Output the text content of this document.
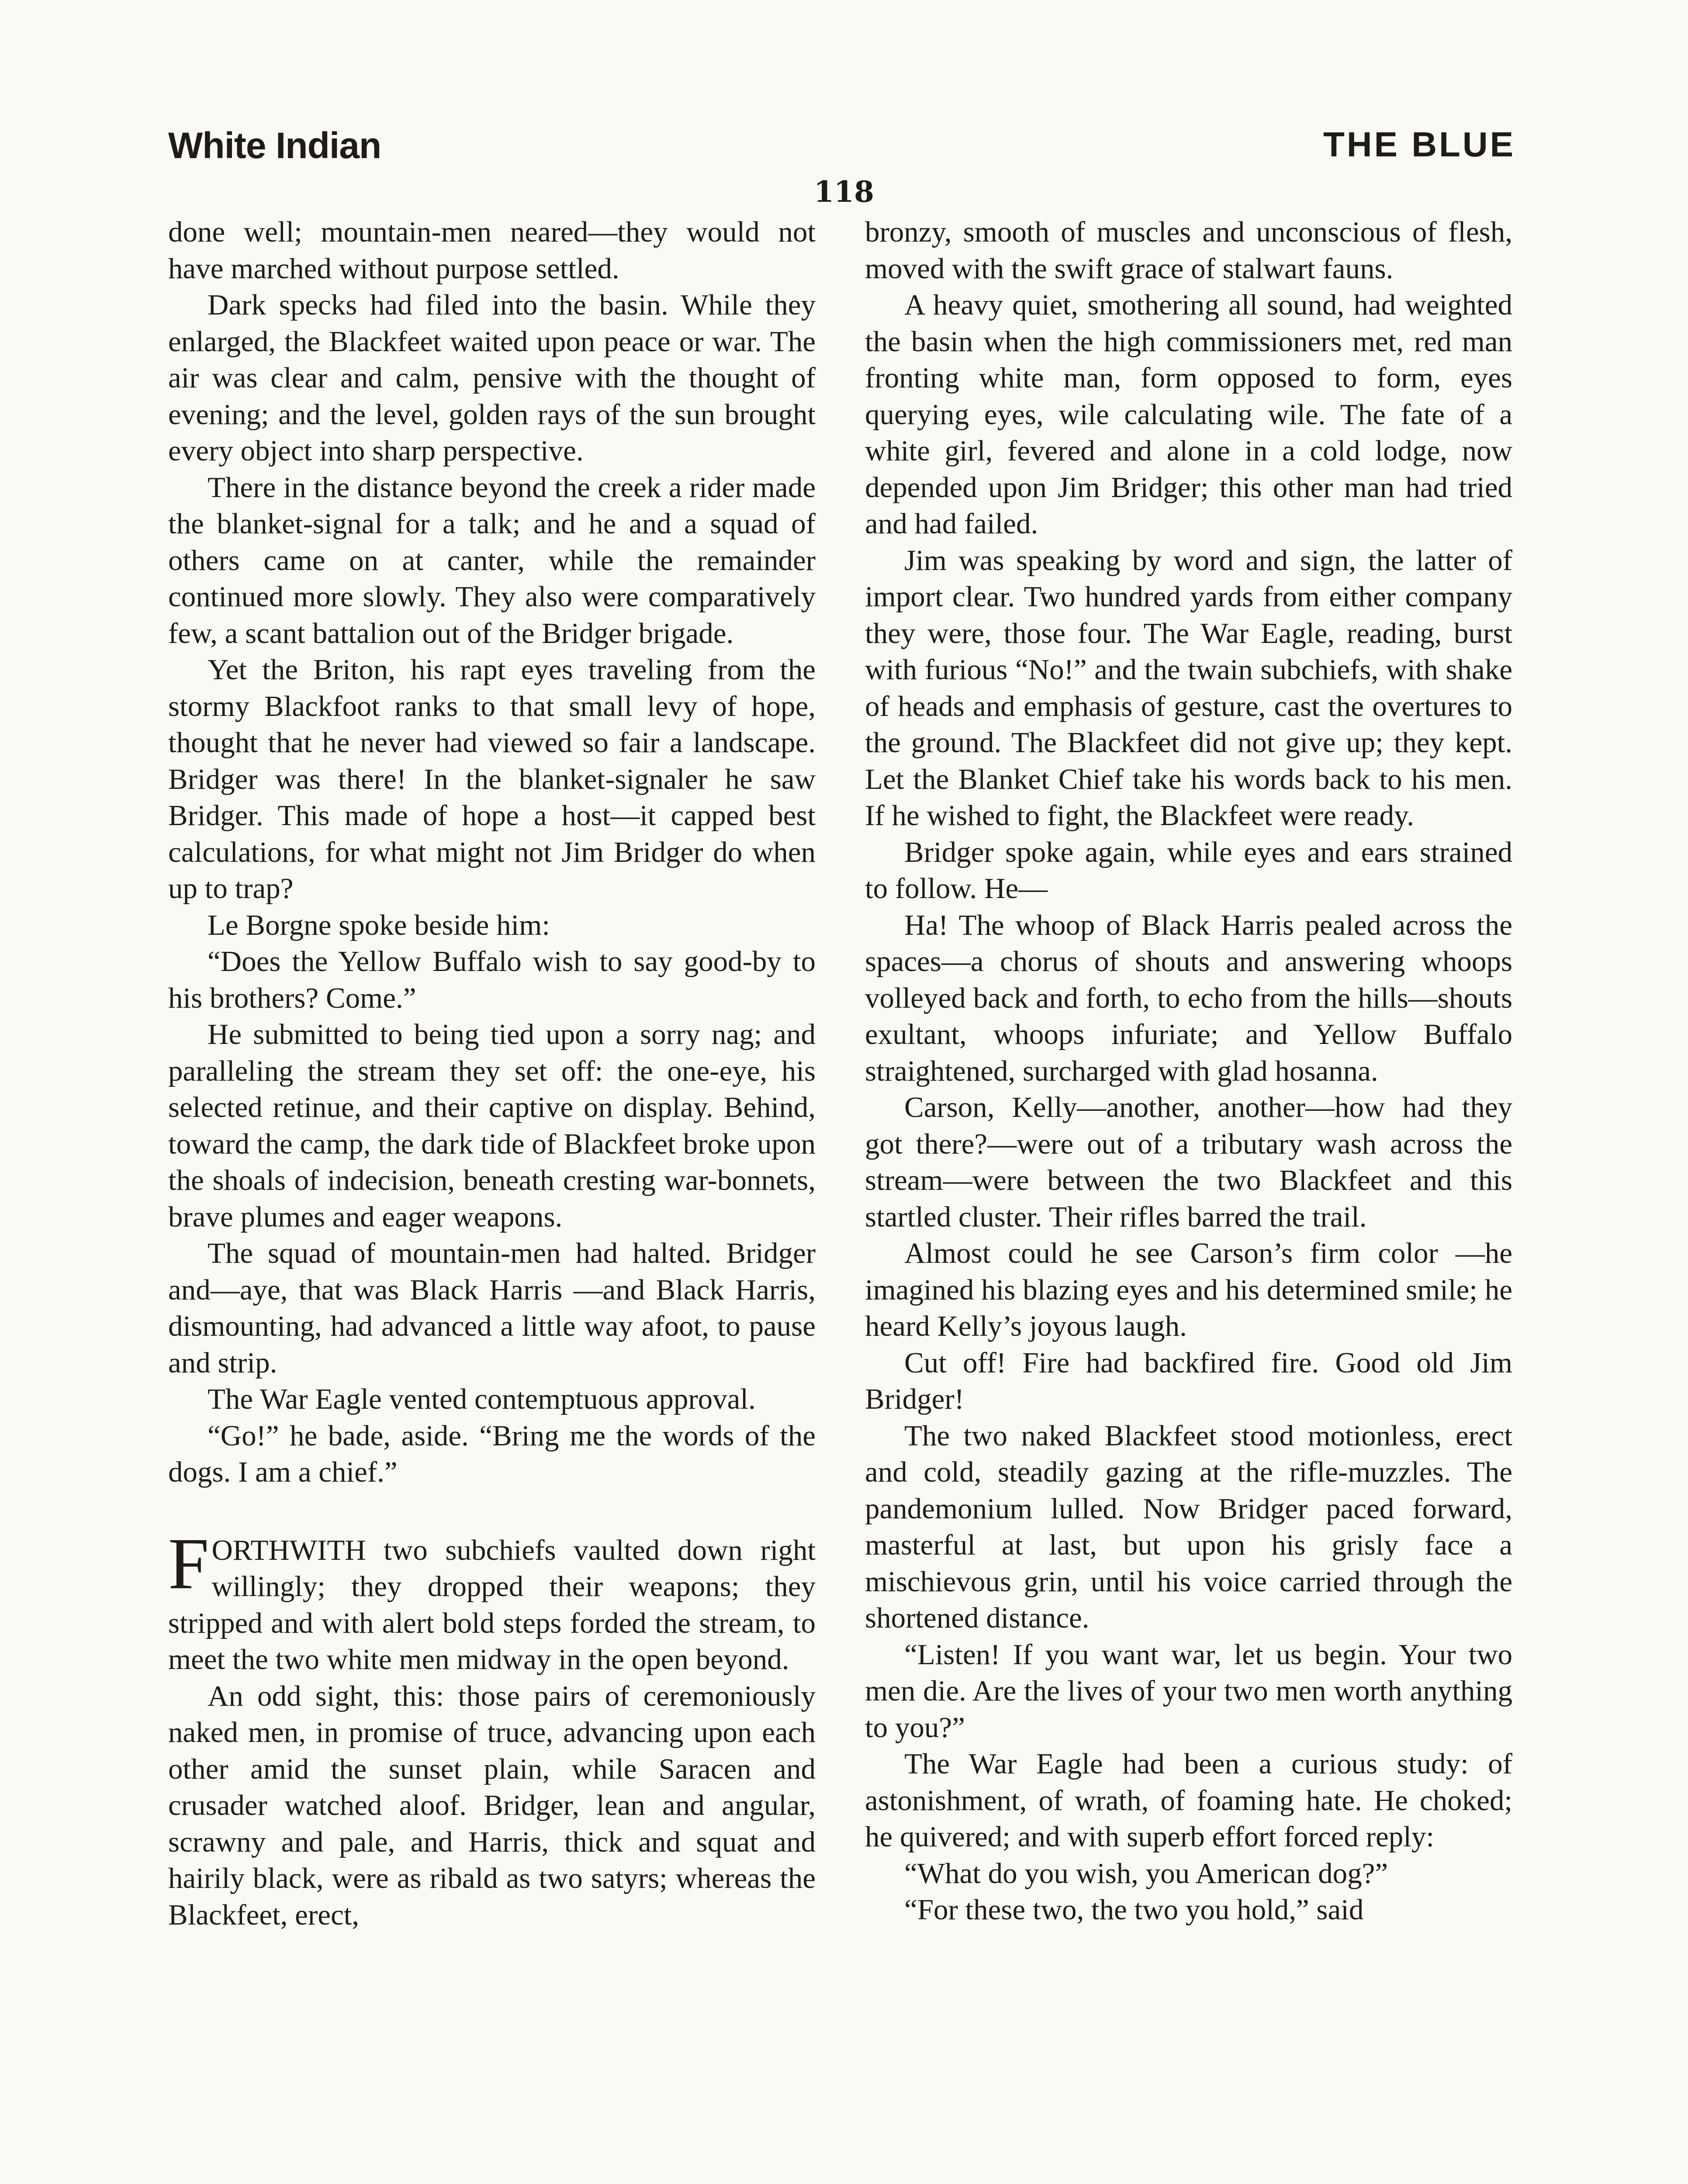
White Indian	THE BLUE
118

done well; mountain-men neared—they would not have marched without purpose settled.

Dark specks had filed into the basin. While they enlarged, the Blackfeet waited upon peace or war. The air was clear and calm, pensive with the thought of evening; and the level, golden rays of the sun brought every object into sharp perspective.

There in the distance beyond the creek a rider made the blanket-signal for a talk; and he and a squad of others came on at canter, while the remainder continued more slowly. They also were comparatively few, a scant battalion out of the Bridger brigade.

Yet the Briton, his rapt eyes traveling from the stormy Blackfoot ranks to that small levy of hope, thought that he never had viewed so fair a landscape. Bridger was there! In the blanket-signaler he saw Bridger. This made of hope a host—it capped best calculations, for what might not Jim Bridger do when up to trap?

Le Borgne spoke beside him:

“Does the Yellow Buffalo wish to say good-by to his brothers? Come.”

He submitted to being tied upon a sorry nag; and paralleling the stream they set off: the one-eye, his selected retinue, and their captive on display. Behind, toward the camp, the dark tide of Blackfeet broke upon the shoals of indecision, beneath cresting war-bonnets, brave plumes and eager weapons.

The squad of mountain-men had halted. Bridger and—aye, that was Black Harris —and Black Harris, dismounting, had advanced a little way afoot, to pause and strip.

The War Eagle vented contemptuous approval.

“Go!” he bade, aside. “Bring me the words of the dogs. I am a chief.”

FORTHWITH two subchiefs vaulted down right willingly; they dropped their weapons; they stripped and with alert bold steps forded the stream, to meet the two white men midway in the open beyond.

An odd sight, this: those pairs of ceremoniously naked men, in promise of truce, advancing upon each other amid the sunset plain, while Saracen and crusader watched aloof. Bridger, lean and angular, scrawny and pale, and Harris, thick and squat and hairily black, were as ribald as two satyrs; whereas the Blackfeet, erect,

bronzy, smooth of muscles and unconscious of flesh, moved with the swift grace of stalwart fauns.

A heavy quiet, smothering all sound, had weighted the basin when the high commissioners met, red man fronting white man, form opposed to form, eyes querying eyes, wile calculating wile. The fate of a white girl, fevered and alone in a cold lodge, now depended upon Jim Bridger; this other man had tried and had failed.

Jim was speaking by word and sign, the latter of import clear. Two hundred yards from either company they were, those four. The War Eagle, reading, burst with furious “No!” and the twain subchiefs, with shake of heads and emphasis of gesture, cast the overtures to the ground. The Blackfeet did not give up; they kept. Let the Blanket Chief take his words back to his men. If he wished to fight, the Blackfeet were ready.

Bridger spoke again, while eyes and ears strained to follow. He—

Ha! The whoop of Black Harris pealed across the spaces—a chorus of shouts and answering whoops volleyed back and forth, to echo from the hills—shouts exultant, whoops infuriate; and Yellow Buffalo straightened, surcharged with glad hosanna.

Carson, Kelly—another, another—how had they got there?—were out of a tributary wash across the stream—were between the two Blackfeet and this startled cluster. Their rifles barred the trail.

Almost could he see Carson’s firm color —he imagined his blazing eyes and his determined smile; he heard Kelly’s joyous laugh.

Cut off! Fire had backfired fire. Good old Jim Bridger!

The two naked Blackfeet stood motionless, erect and cold, steadily gazing at the rifle-muzzles. The pandemonium lulled. Now Bridger paced forward, masterful at last, but upon his grisly face a mischievous grin, until his voice carried through the shortened distance.

“Listen! If you want war, let us begin. Your two men die. Are the lives of your two men worth anything to you?”

The War Eagle had been a curious study: of astonishment, of wrath, of foaming hate. He choked; he quivered; and with superb effort forced reply:

“What do you wish, you American dog?”

“For these two, the two you hold,” said
